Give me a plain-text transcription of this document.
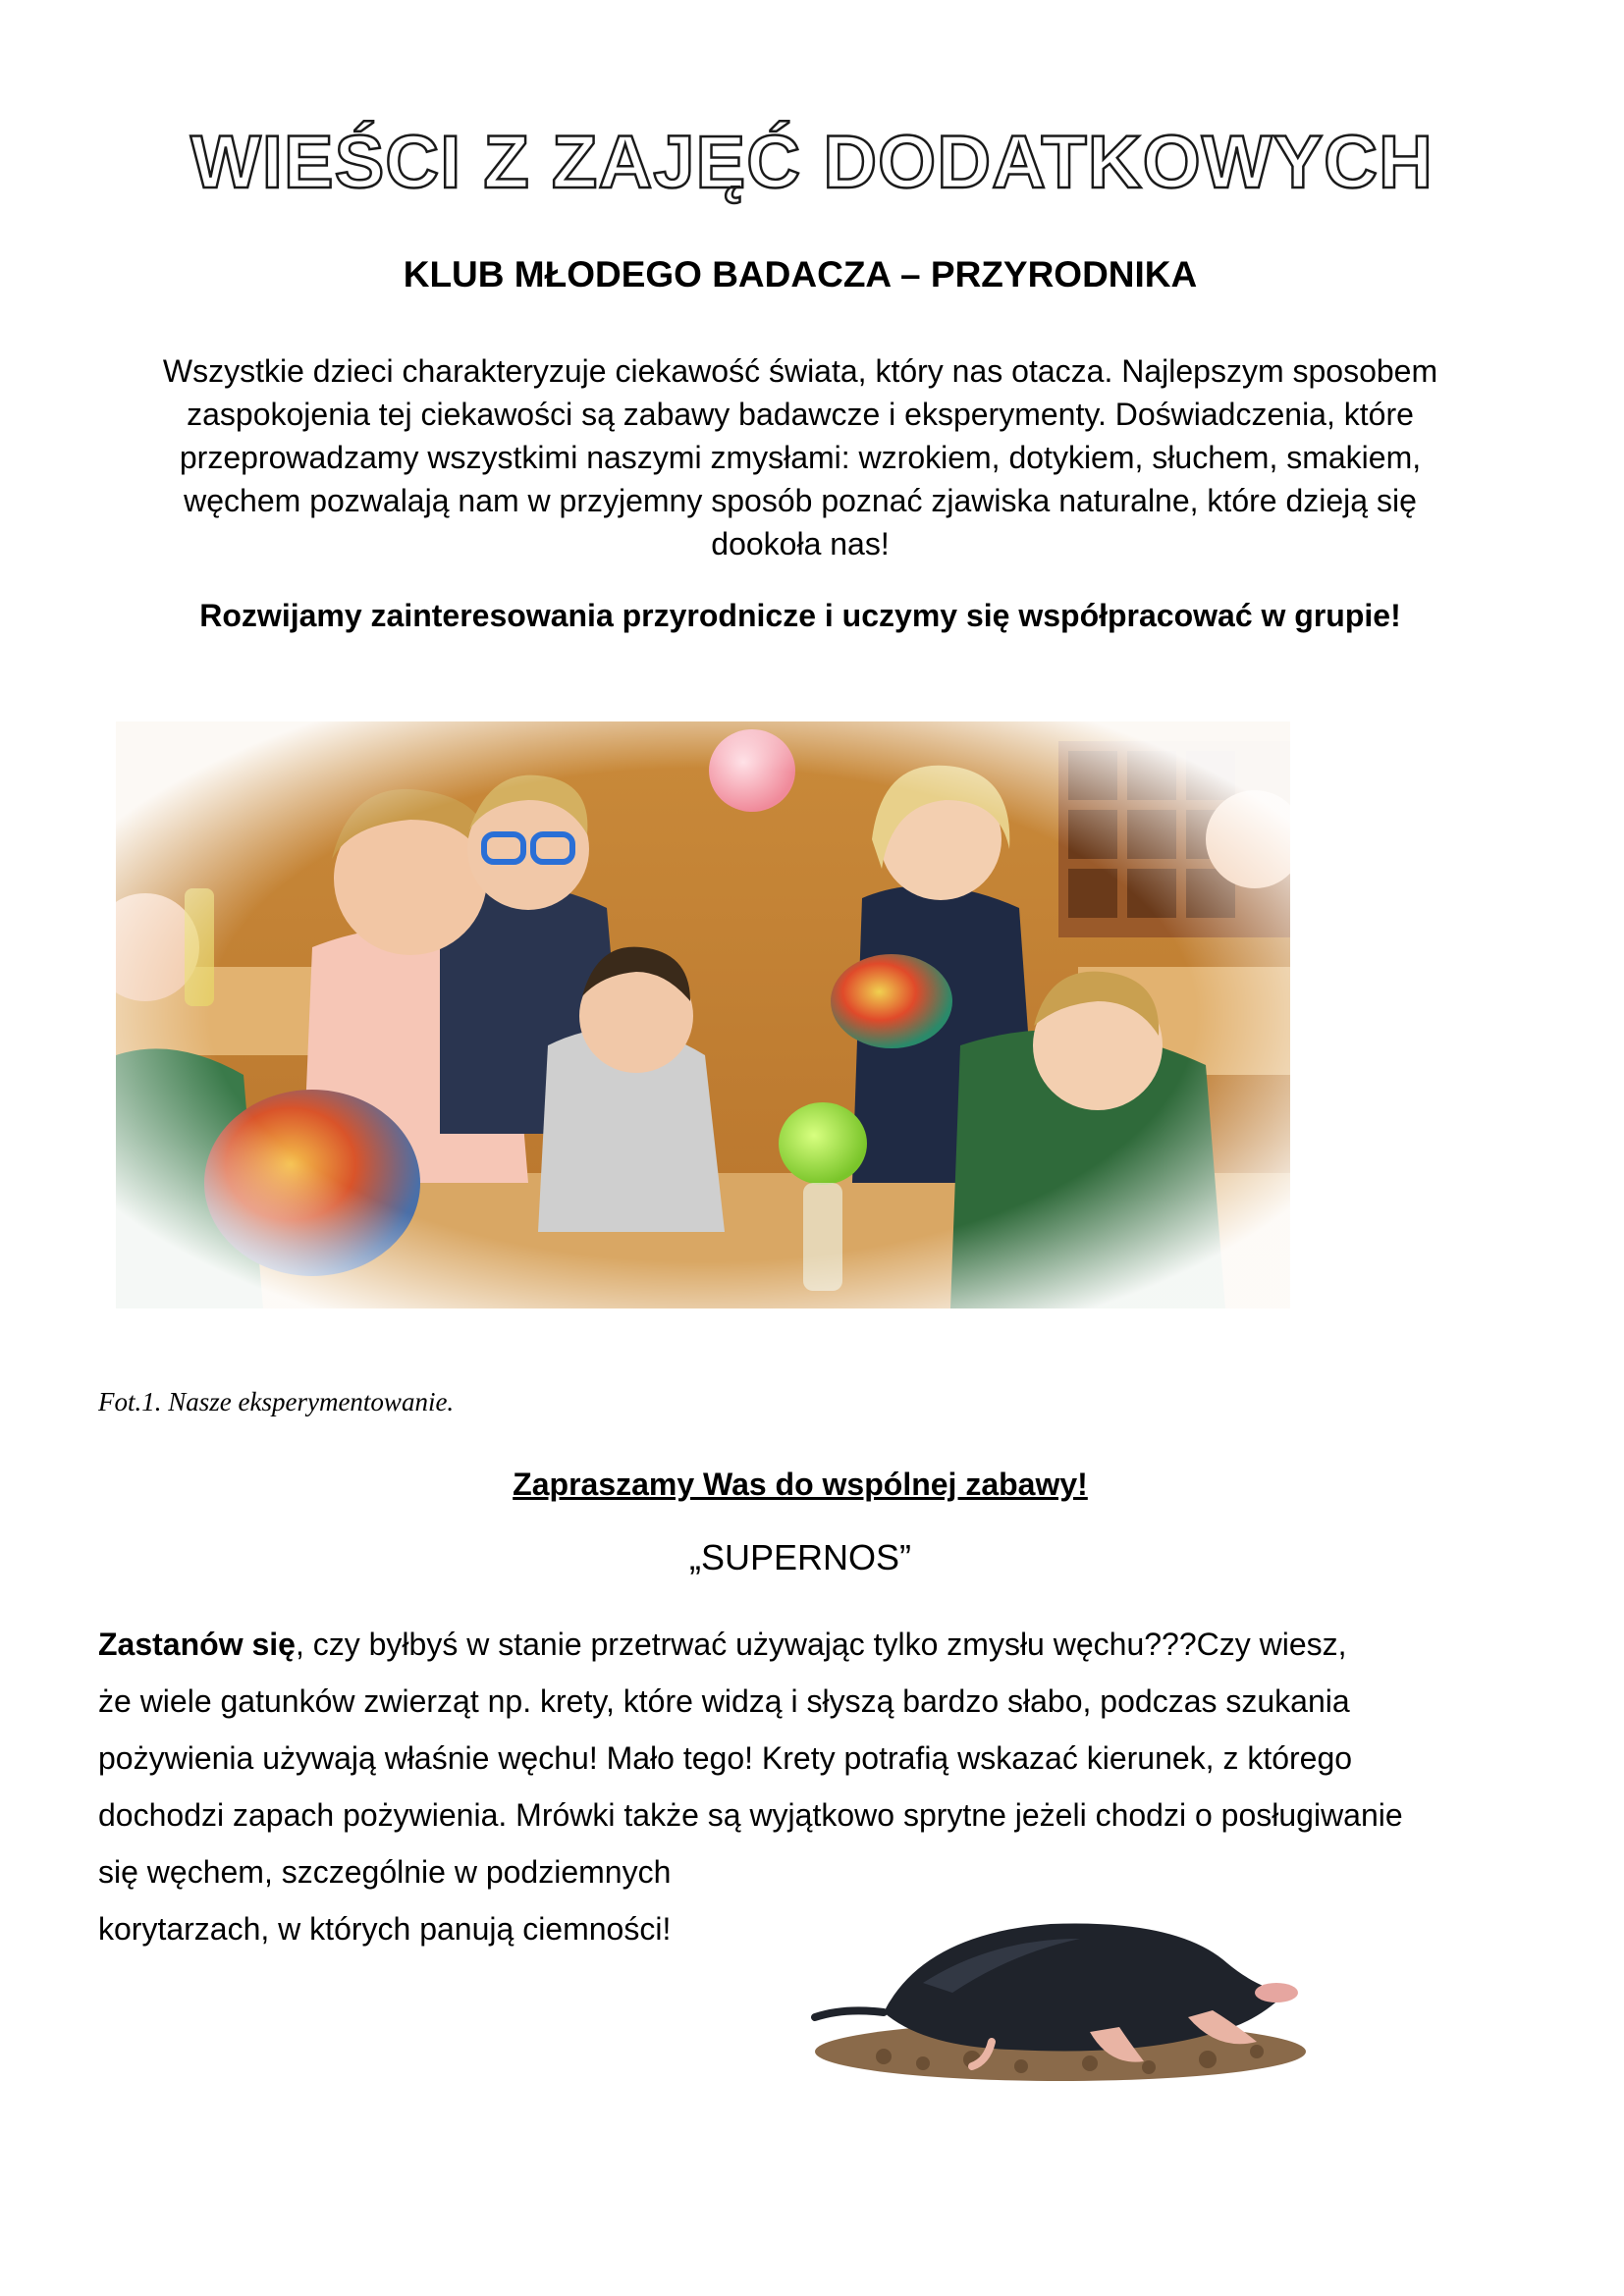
WIEŚCI Z ZAJĘĆ DODATKOWYCH
KLUB MŁODEGO BADACZA – PRZYRODNIKA
Wszystkie dzieci charakteryzuje ciekawość świata, który nas otacza. Najlepszym sposobem
zaspokojenia tej ciekawości są zabawy badawcze i eksperymenty. Doświadczenia, które
przeprowadzamy wszystkimi naszymi zmysłami: wzrokiem, dotykiem, słuchem, smakiem,
węchem pozwalają nam w przyjemny sposób poznać zjawiska naturalne, które dzieją się
dookoła nas!
Rozwijamy zainteresowania przyrodnicze i uczymy się współpracować w grupie!
Fot.1. Nasze eksperymentowanie.
Zapraszamy Was do wspólnej zabawy!
„SUPERNOS”
Zastanów się, czy byłbyś w stanie przetrwać używając tylko zmysłu węchu???Czy wiesz,
że wiele gatunków zwierząt np. krety, które widzą i słyszą bardzo słabo, podczas szukania
pożywienia używają właśnie węchu! Mało tego! Krety potrafią wskazać kierunek, z którego
dochodzi zapach pożywienia. Mrówki także są wyjątkowo sprytne jeżeli chodzi o posługiwanie
się węchem, szczególnie w podziemnych
korytarzach, w których panują ciemności!
